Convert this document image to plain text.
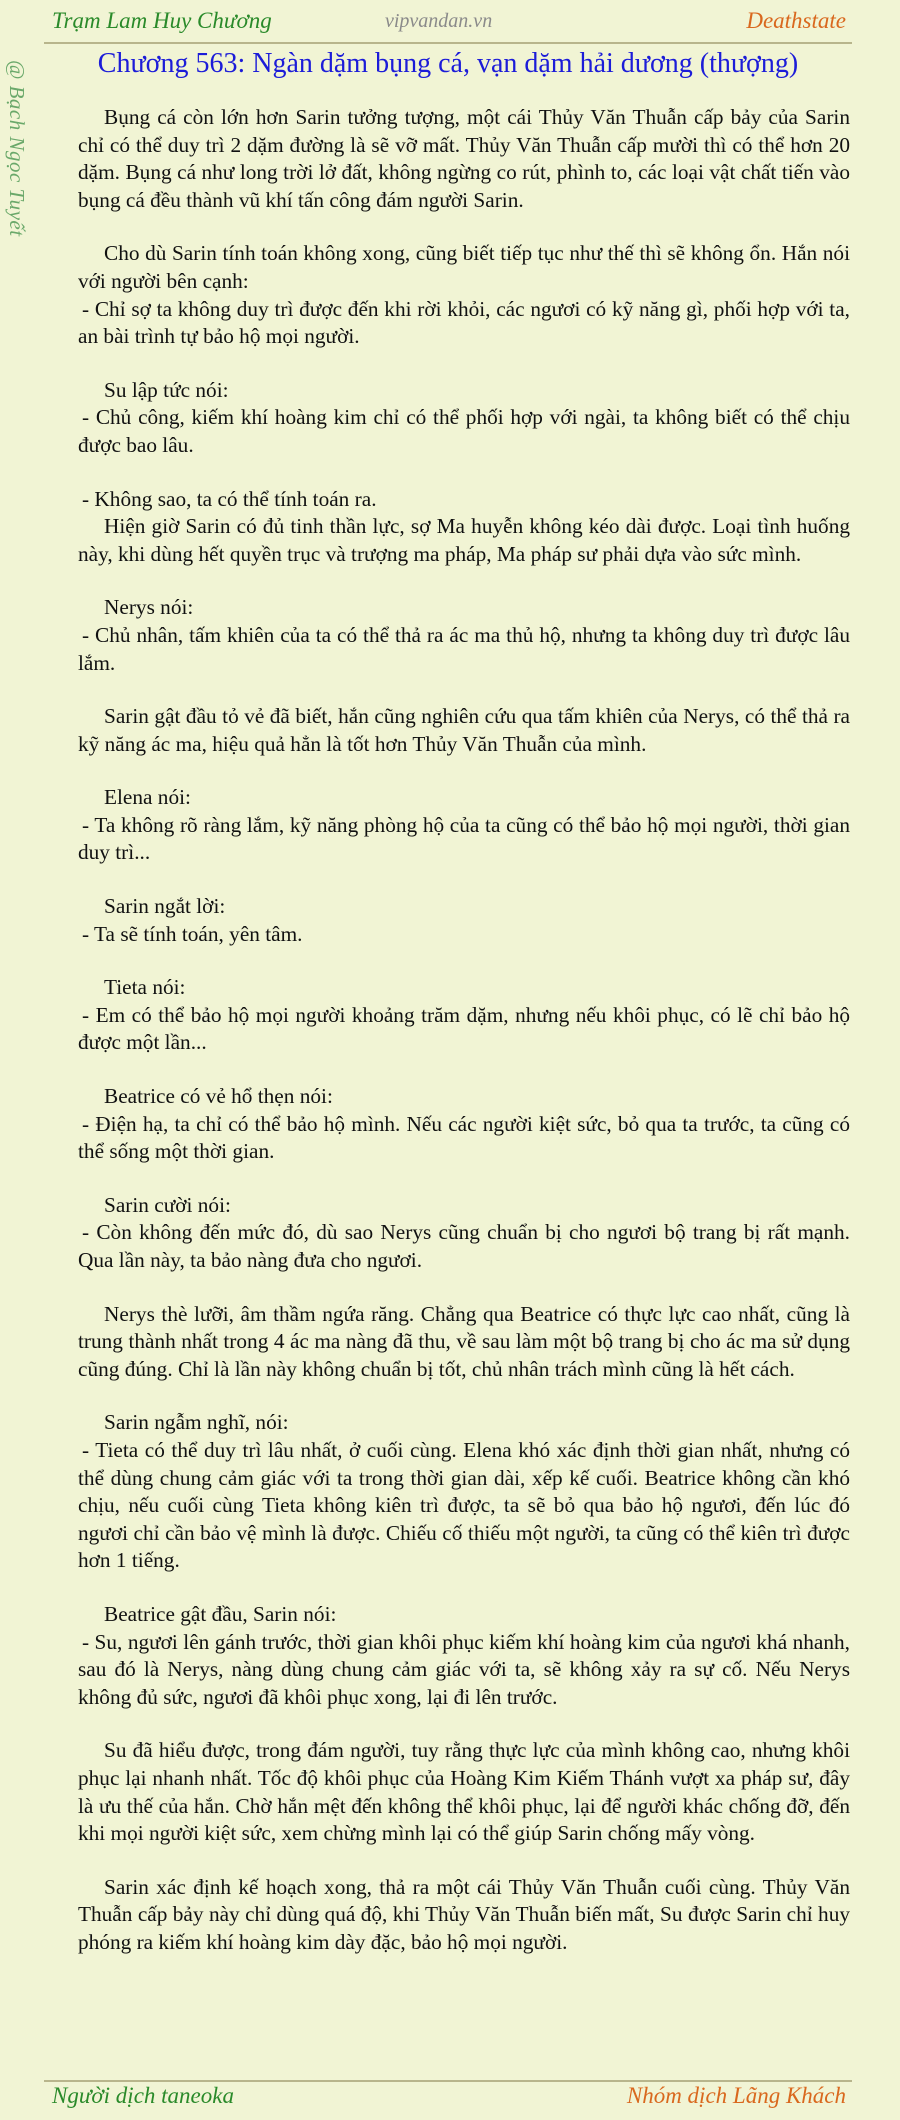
Trạm Lam Huy Chương	vipvandan.vn	Deathstate
@ Bạch Ngọc Tuyết	Chương 563: Ngàn dặm bụng cá, vạn dặm hải dương (thượng)

Bụng cá còn lớn hơn Sarin tưởng tượng, một cái Thủy Văn Thuẫn cấp bảy của Sarin chỉ có thể duy trì 2 dặm đường là sẽ vỡ mất. Thủy Văn Thuẫn cấp mười thì có thể hơn 20 dặm. Bụng cá như long trời lở đất, không ngừng co rút, phình to, các loại vật chất tiến vào bụng cá đều thành vũ khí tấn công đám người Sarin.

Cho dù Sarin tính toán không xong, cũng biết tiếp tục như thế thì sẽ không ổn. Hắn nói với người bên cạnh:

- Chỉ sợ ta không duy trì được đến khi rời khỏi, các ngươi có kỹ năng gì, phối hợp với ta, an bài trình tự bảo hộ mọi người.

Su lập tức nói:

- Chủ công, kiếm khí hoàng kim chỉ có thể phối hợp với ngài, ta không biết có thể chịu được bao lâu.

- Không sao, ta có thể tính toán ra.

Hiện giờ Sarin có đủ tinh thần lực, sợ Ma huyễn không kéo dài được. Loại tình huống này, khi dùng hết quyền trục và trượng ma pháp, Ma pháp sư phải dựa vào sức mình.

Nerys nói:

- Chủ nhân, tấm khiên của ta có thể thả ra ác ma thủ hộ, nhưng ta không duy trì được lâu lắm.

Sarin gật đầu tỏ vẻ đã biết, hắn cũng nghiên cứu qua tấm khiên của Nerys, có thể thả ra kỹ năng ác ma, hiệu quả hẳn là tốt hơn Thủy Văn Thuẫn của mình.

Elena nói:

- Ta không rõ ràng lắm, kỹ năng phòng hộ của ta cũng có thể bảo hộ mọi người, thời gian duy trì...

Sarin ngắt lời:

- Ta sẽ tính toán, yên tâm.

Tieta nói:

- Em có thể bảo hộ mọi người khoảng trăm dặm, nhưng nếu khôi phục, có lẽ chỉ bảo hộ được một lần...

Beatrice có vẻ hổ thẹn nói:

- Điện hạ, ta chỉ có thể bảo hộ mình. Nếu các người kiệt sức, bỏ qua ta trước, ta cũng có thể sống một thời gian.

Sarin cười nói:

- Còn không đến mức đó, dù sao Nerys cũng chuẩn bị cho ngươi bộ trang bị rất mạnh. Qua lần này, ta bảo nàng đưa cho ngươi.

Nerys thè lưỡi, âm thầm ngứa răng. Chẳng qua Beatrice có thực lực cao nhất, cũng là trung thành nhất trong 4 ác ma nàng đã thu, về sau làm một bộ trang bị cho ác ma sử dụng cũng đúng. Chỉ là lần này không chuẩn bị tốt, chủ nhân trách mình cũng là hết cách.

Sarin ngẫm nghĩ, nói:

- Tieta có thể duy trì lâu nhất, ở cuối cùng. Elena khó xác định thời gian nhất, nhưng có thể dùng chung cảm giác với ta trong thời gian dài, xếp kế cuối. Beatrice không cần khó chịu, nếu cuối cùng Tieta không kiên trì được, ta sẽ bỏ qua bảo hộ ngươi, đến lúc đó ngươi chỉ cần bảo vệ mình là được. Chiếu cố thiếu một người, ta cũng có thể kiên trì được hơn 1 tiếng.

Beatrice gật đầu, Sarin nói:

- Su, ngươi lên gánh trước, thời gian khôi phục kiếm khí hoàng kim của ngươi khá nhanh, sau đó là Nerys, nàng dùng chung cảm giác với ta, sẽ không xảy ra sự cố. Nếu Nerys không đủ sức, ngươi đã khôi phục xong, lại đi lên trước.

Su đã hiểu được, trong đám người, tuy rằng thực lực của mình không cao, nhưng khôi phục lại nhanh nhất. Tốc độ khôi phục của Hoàng Kim Kiếm Thánh vượt xa pháp sư, đây là ưu thế của hắn. Chờ hắn mệt đến không thể khôi phục, lại để người khác chống đỡ, đến khi mọi người kiệt sức, xem chừng mình lại có thể giúp Sarin chống mấy vòng.

Sarin xác định kế hoạch xong, thả ra một cái Thủy Văn Thuẫn cuối cùng. Thủy Văn Thuẫn cấp bảy này chỉ dùng quá độ, khi Thủy Văn Thuẫn biến mất, Su được Sarin chỉ huy phóng ra kiếm khí hoàng kim dày đặc, bảo hộ mọi người.

Người dịch taneoka	Nhóm dịch Lãng Khách
